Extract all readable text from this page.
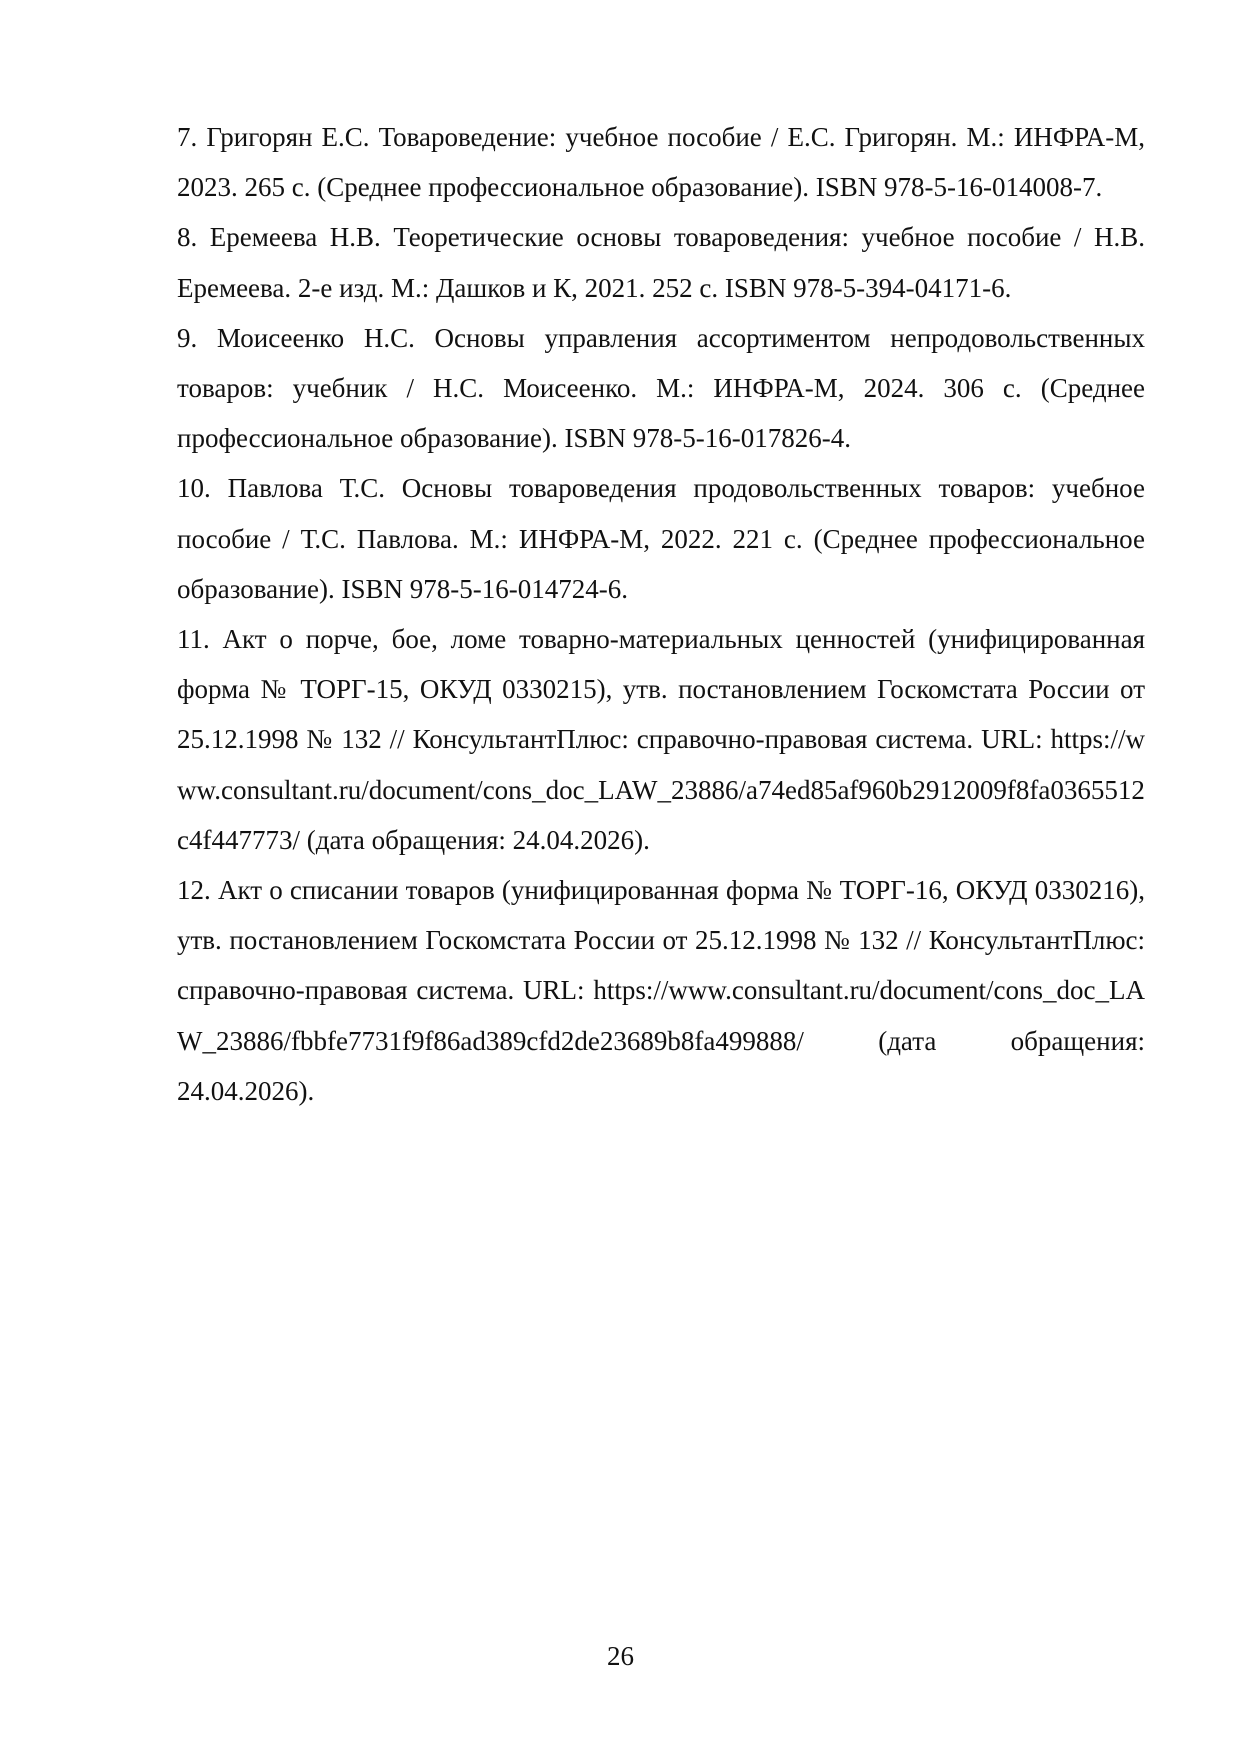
7. Григорян Е.С. Товароведение: учебное пособие / Е.С. Григорян. М.: ИНФРА-М, 2023. 265 с. (Среднее профессиональное образование). ISBN 978-5-16-014008-7.

8. Еремеева Н.В. Теоретические основы товароведения: учебное пособие / Н.В. Еремеева. 2-е изд. М.: Дашков и К, 2021. 252 с. ISBN 978-5-394-04171-6.

9. Моисеенко Н.С. Основы управления ассортиментом непродовольственных товаров: учебник / Н.С. Моисеенко. М.: ИНФРА-М, 2024. 306 с. (Среднее профессиональное образование). ISBN 978-5-16-017826-4.

10. Павлова Т.С. Основы товароведения продовольственных товаров: учебное пособие / Т.С. Павлова. М.: ИНФРА-М, 2022. 221 с. (Среднее профессиональное образование). ISBN 978-5-16-014724-6.

11. Акт о порче, бое, ломе товарно-материальных ценностей (унифицированная форма № ТОРГ-15, ОКУД 0330215), утв. постановлением Госкомстата России от 25.12.1998 № 132 // КонсультантПлюс: справочно-правовая система. URL: https://www.consultant.ru/document/cons_doc_LAW_23886/a74ed85af960b2912009f8fa0365512c4f447773/ (дата обращения: 24.04.2026).

12. Акт о списании товаров (унифицированная форма № ТОРГ-16, ОКУД 0330216), утв. постановлением Госкомстата России от 25.12.1998 № 132 // КонсультантПлюс: справочно-правовая система. URL: https://www.consultant.ru/document/cons_doc_LAW_23886/fbbfe7731f9f86ad389cfd2de23689b8fa499888/ (дата обращения: 24.04.2026).

26
